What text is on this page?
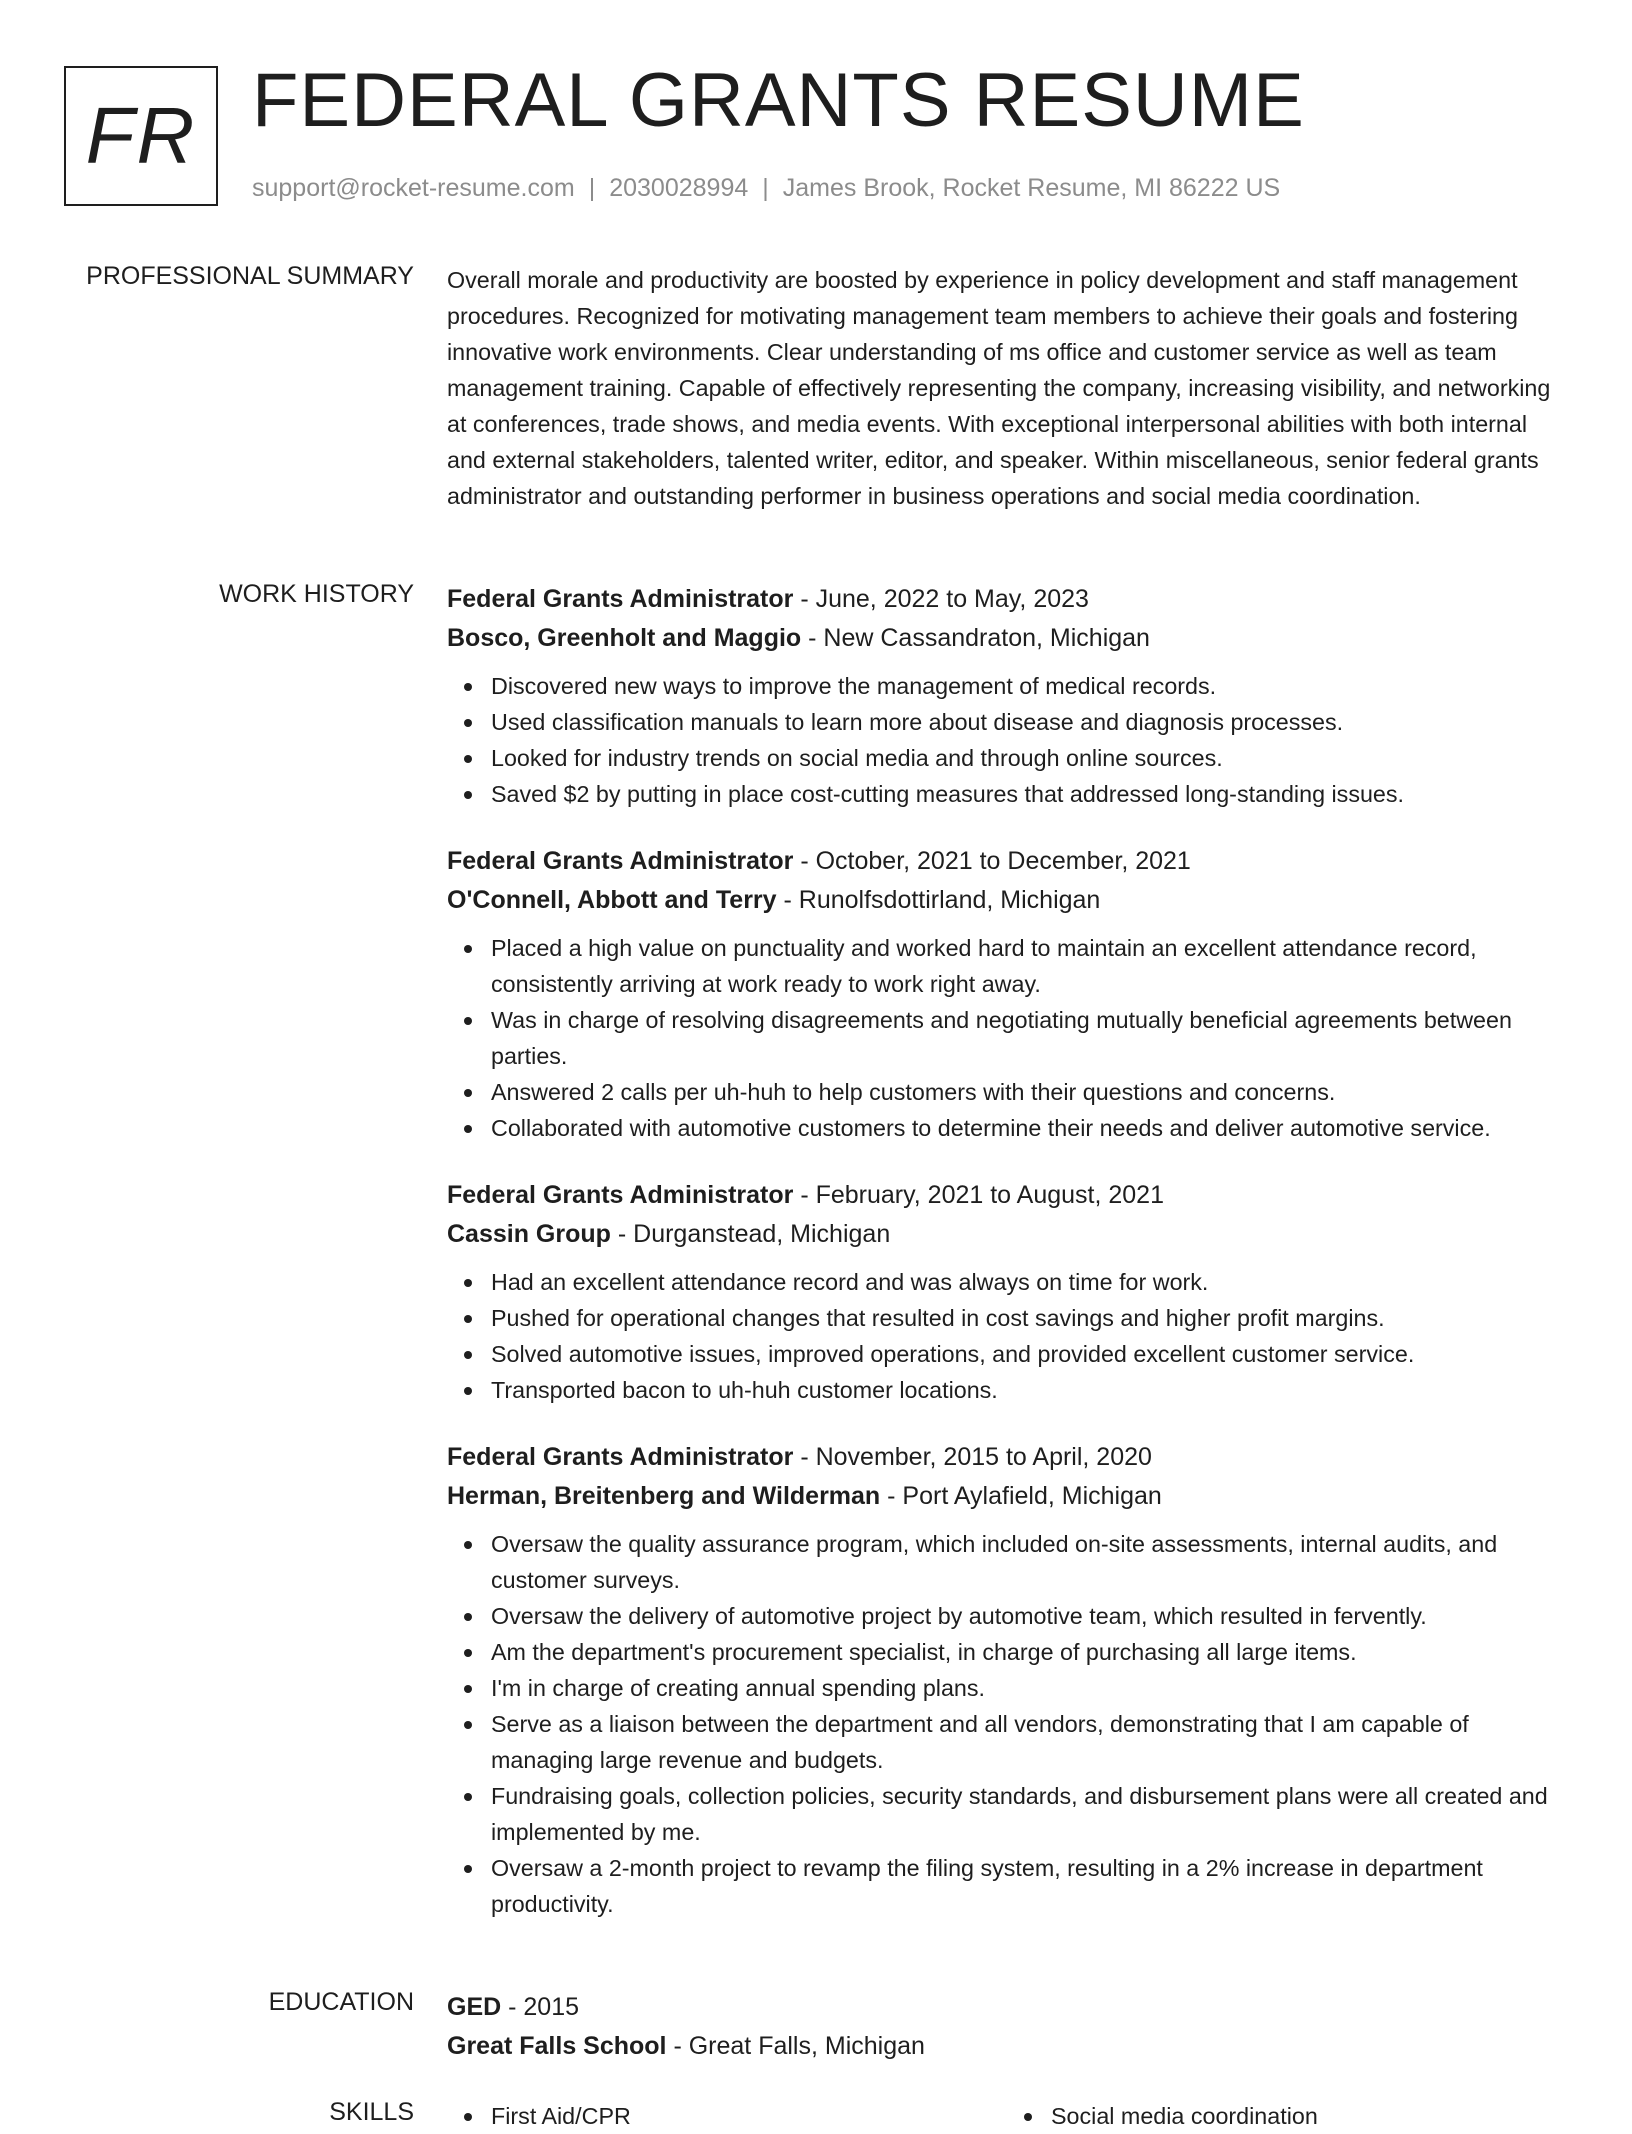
FR FEDERAL GRANTS RESUME
support@rocket-resume.com | 2030028994 | James Brook, Rocket Resume, MI 86222 US
PROFESSIONAL SUMMARY Overall morale and productivity are boosted by experience in policy development and staff management procedures. Recognized for motivating management team members to achieve their goals and fostering innovative work environments. Clear understanding of ms office and customer service as well as team management training. Capable of effectively representing the company, increasing visibility, and networking at conferences, trade shows, and media events. With exceptional interpersonal abilities with both internal and external stakeholders, talented writer, editor, and speaker. Within miscellaneous, senior federal grants administrator and outstanding performer in business operations and social media coordination.

WORK HISTORY Federal Grants Administrator - June, 2022 to May, 2023
Bosco, Greenholt and Maggio - New Cassandraton, Michigan
Discovered new ways to improve the management of medical records.
Used classification manuals to learn more about disease and diagnosis processes.
Looked for industry trends on social media and through online sources.
Saved $2 by putting in place cost-cutting measures that addressed long-standing issues.
Federal Grants Administrator - October, 2021 to December, 2021
O'Connell, Abbott and Terry - Runolfsdottirland, Michigan
Placed a high value on punctuality and worked hard to maintain an excellent attendance record, consistently arriving at work ready to work right away.
Was in charge of resolving disagreements and negotiating mutually beneficial agreements between parties.
Answered 2 calls per uh-huh to help customers with their questions and concerns.
Collaborated with automotive customers to determine their needs and deliver automotive service.
Federal Grants Administrator - February, 2021 to August, 2021
Cassin Group - Durganstead, Michigan
Had an excellent attendance record and was always on time for work.
Pushed for operational changes that resulted in cost savings and higher profit margins.
Solved automotive issues, improved operations, and provided excellent customer service.
Transported bacon to uh-huh customer locations.
Federal Grants Administrator - November, 2015 to April, 2020
Herman, Breitenberg and Wilderman - Port Aylafield, Michigan
Oversaw the quality assurance program, which included on-site assessments, internal audits, and customer surveys.
Oversaw the delivery of automotive project by automotive team, which resulted in fervently.
Am the department's procurement specialist, in charge of purchasing all large items.
I'm in charge of creating annual spending plans.
Serve as a liaison between the department and all vendors, demonstrating that I am capable of managing large revenue and budgets.
Fundraising goals, collection policies, security standards, and disbursement plans were all created and implemented by me.
Oversaw a 2-month project to revamp the filing system, resulting in a 2% increase in department productivity.
EDUCATION GED - 2015
Great Falls School - Great Falls, Michigan
SKILLS	First Aid/CPR	Social media coordination
